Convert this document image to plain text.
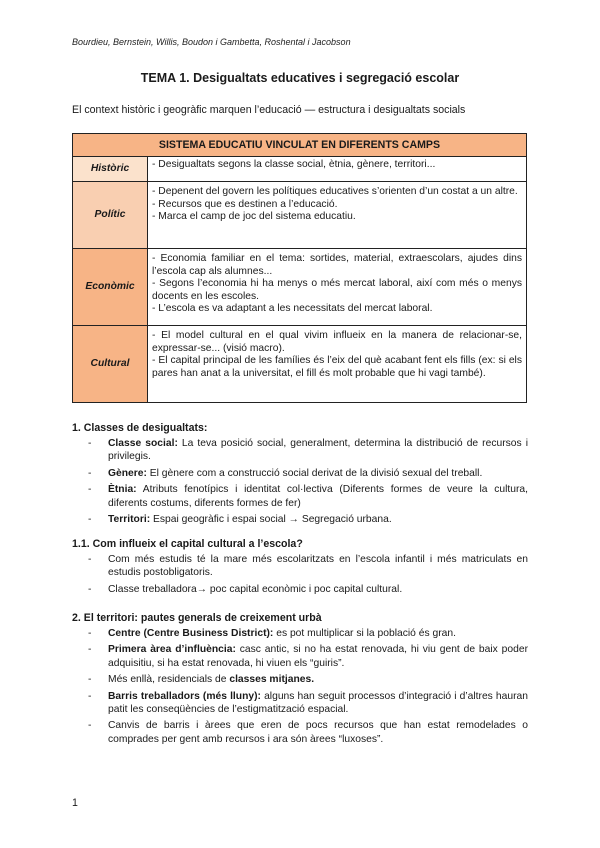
Bourdieu, Bernstein, Willis, Boudon i Gambetta, Roshental i Jacobson
TEMA 1. Desigualtats educatives i segregació escolar
El context històric i geogràfic marquen l’educació — estructura i desigualtats socials
SISTEMA EDUCATIU VINCULAT EN DIFERENTS CAMPS	
Històric	- Desigualtats segons la classe social, ètnia, gènere, territori...

Polític	- Depenent del govern les polítiques educatives s’orienten d’un costat a un altre.
- Recursos que es destinen a l’educació.
- Marca el camp de joc del sistema educatiu.

Econòmic	- Economia familiar en el tema: sortides, material, extraescolars, ajudes dins l’escola cap als alumnes...
- Segons l’economia hi ha menys o més mercat laboral, així com més o menys docents en les escoles.
- L’escola es va adaptant a les necessitats del mercat laboral.

Cultural	- El model cultural en el qual vivim influeix en la manera de relacionar-se, expressar-se... (visió macro).
- El capital principal de les famílies és l’eix del què acabant fent els fills (ex: si els pares han anat a la universitat, el fill és molt probable que hi vagi també).
1. Classes de desigualtats:
- Classe social: La teva posició social, generalment, determina la distribució de recursos i privilegis.
- Gènere: El gènere com a construcció social derivat de la divisió sexual del treball.
- Ètnia: Atributs fenotípics i identitat col·lectiva (Diferents formes de veure la cultura, diferents costums, diferents formes de fer)
- Territori: Espai geogràfic i espai social → Segregació urbana.
1.1. Com influeix el capital cultural a l’escola?
- Com més estudis té la mare més escolaritzats en l’escola infantil i més matriculats en estudis postobligatoris.
- Classe treballadora→ poc capital econòmic i poc capital cultural.
2. El territori: pautes generals de creixement urbà
- Centre (Centre Business District): es pot multiplicar si la població és gran.
- Primera àrea d’influència: casc antic, si no ha estat renovada, hi viu gent de baix poder adquisitiu, si ha estat renovada, hi viuen els “guiris”.
- Més enllà, residencials de classes mitjanes.
- Barris treballadors (més lluny): alguns han seguit processos d’integració i d’altres hauran patit les conseqüències de l’estigmatització espacial.
- Canvis de barris i àrees que eren de pocs recursos que han estat remodelades o comprades per gent amb recursos i ara són àrees “luxoses”.
1
